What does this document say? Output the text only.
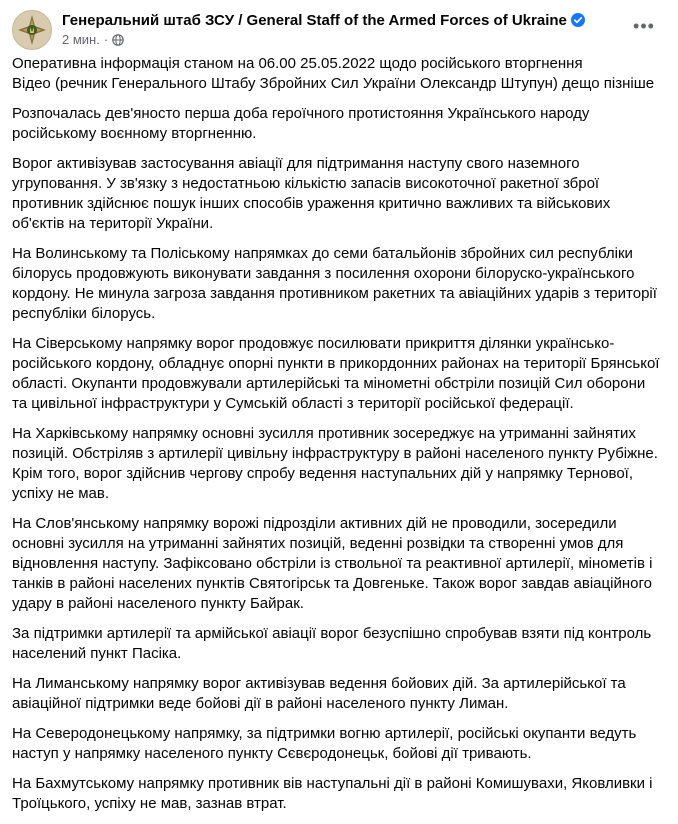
Генеральний штаб ЗСУ / General Staff of the Armed Forces of Ukraine
2 мин. ·
•••

Оперативна інформація станом на 06.00 25.05.2022 щодо російського вторгнення
Відео (речник Генерального Штабу Збройних Сил України Олександр Штупун) дещо пізніше

Розпочалась дев'яносто перша доба героїчного протистояння Українського народу російському воєнному вторгненню.

Ворог активізував застосування авіації для підтримання наступу свого наземного угруповання. У зв'язку з недостатньою кількістю запасів високоточної ракетної зброї противник здійснює пошук інших способів ураження критично важливих та військових об'єктів на території України.

На Волинському та Поліському напрямках до семи батальйонів збройних сил республіки білорусь продовжують виконувати завдання з посилення охорони білоруско-українського кордону. Не минула загроза завдання противником ракетних та авіаційних ударів з території республіки білорусь.

На Сіверському напрямку ворог продовжує посилювати прикриття ділянки українсько-російського кордону, обладнує опорні пункти в прикордонних районах на території Брянської області. Окупанти продовжували артилерійські та мінометні обстріли позицій Сил оборони та цивільної інфраструктури у Сумській області з території російської федерації.

На Харківському напрямку основні зусилля противник зосереджує на утриманні зайнятих позицій. Обстріляв з артилерії цивільну інфраструктуру в районі населеного пункту Рубіжне. Крім того, ворог здійснив чергову спробу ведення наступальних дій у напрямку Тернової, успіху не мав.

На Слов'янському напрямку ворожі підрозділи активних дій не проводили, зосередили основні зусилля на утриманні зайнятих позицій, веденні розвідки та створенні умов для відновлення наступу. Зафіксовано обстріли із ствольної та реактивної артилерії, мінометів і танків в районі населених пунктів Святогірськ та Довгеньке. Також ворог завдав авіаційного удару в районі населеного пункту Байрак.

За підтримки артилерії та армійської авіації ворог безуспішно спробував взяти під контроль населений пункт Пасіка.

На Лиманському напрямку ворог активізував ведення бойових дій. За артилерійської та авіаційної підтримки веде бойові дії в районі населеного пункту Лиман.

На Северодонецькому напрямку, за підтримки вогню артилерії, російські окупанти ведуть наступ у напрямку населеного пункту Сєвєродонецьк, бойові дії тривають.

На Бахмутському напрямку противник вів наступальні дії в районі Комишувахи, Яковливки і Троїцького, успіху не мав, зазнав втрат.
